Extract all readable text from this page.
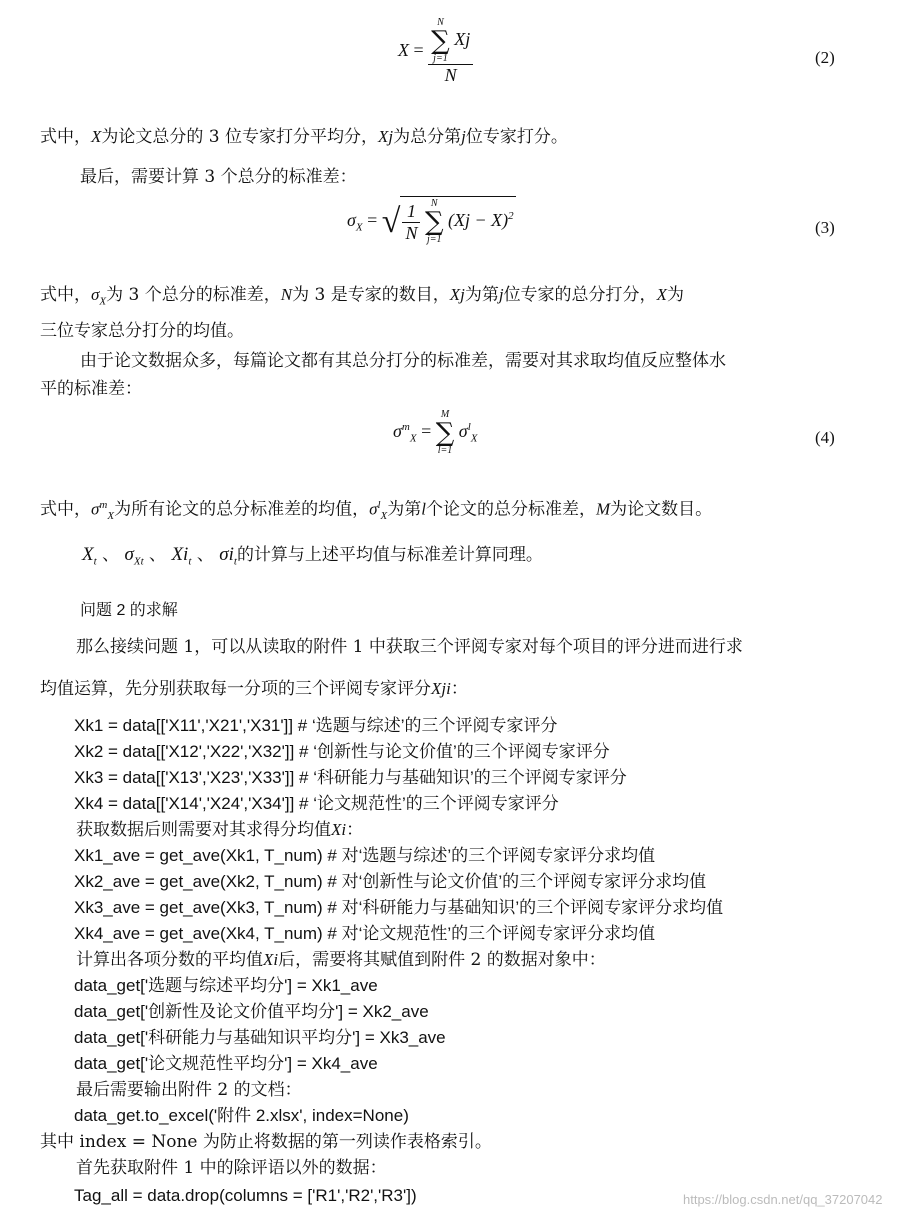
X = N
∑
j=1
Xj
N	(2)
式中，X为论文总分的 3 位专家打分平均分，Xj为总分第j位专家打分。
最后，需要计算 3 个总分的标准差：
$\sigma_X$ = √ $\frac{1}{N}$
N
∑
j=1
$(Xj - X)^2$
(3)
式中，$\sigma_X$为 3 个总分的标准差，N为 3 是专家的数目，Xj为第j位专家的总分打分，X为
三位专家总分打分的均值。
由于论文数据众多，每篇论文都有其总分打分的标准差，需要对其求取均值反应整体水
平的标准差：
$\sigma^m_X$ =
M
∑
l=1
$\sigma^l_X$	(4)
式中，$\sigma^m_X$为所有论文的总分标准差的均值，$\sigma^l_X$为第l个论文的总分标准差，M为论文数目。
$X_t$ 、 $\sigma_{Xt}$ 、 $Xi_t$ 、 $\sigma i_t$的计算与上述平均值与标准差计算同理。
问题 2 的求解
那么接续问题 1，可以从读取的附件 1 中获取三个评阅专家对每个项目的评分进而进行求
均值运算，先分别获取每一分项的三个评阅专家评分Xji：
Xk1 = data[['X11','X21','X31']] # ‘选题与综述’的三个评阅专家评分
Xk2 = data[['X12','X22','X32']] # ‘创新性与论文价值’的三个评阅专家评分
Xk3 = data[['X13','X23','X33']] # ‘科研能力与基础知识’的三个评阅专家评分
Xk4 = data[['X14','X24','X34']] # ‘论文规范性’的三个评阅专家评分
获取数据后则需要对其求得分均值Xi：
Xk1_ave = get_ave(Xk1, T_num) # 对‘选题与综述’的三个评阅专家评分求均值
Xk2_ave = get_ave(Xk2, T_num) # 对‘创新性与论文价值’的三个评阅专家评分求均值
Xk3_ave = get_ave(Xk3, T_num) # 对‘科研能力与基础知识’的三个评阅专家评分求均值
Xk4_ave = get_ave(Xk4, T_num) # 对‘论文规范性’的三个评阅专家评分求均值
计算出各项分数的平均值Xi后，需要将其赋值到附件 2 的数据对象中：
data_get['选题与综述平均分'] = Xk1_ave
data_get['创新性及论文价值平均分'] = Xk2_ave
data_get['科研能力与基础知识平均分'] = Xk3_ave
data_get['论文规范性平均分'] = Xk4_ave
最后需要输出附件 2 的文档：
data_get.to_excel('附件 2.xlsx', index=None)
其中 index = None 为防止将数据的第一列读作表格索引。
首先获取附件 1 中的除评语以外的数据：
Tag_all = data.drop(columns = ['R1','R2','R3'])	https://blog.csdn.net/qq_37207042
